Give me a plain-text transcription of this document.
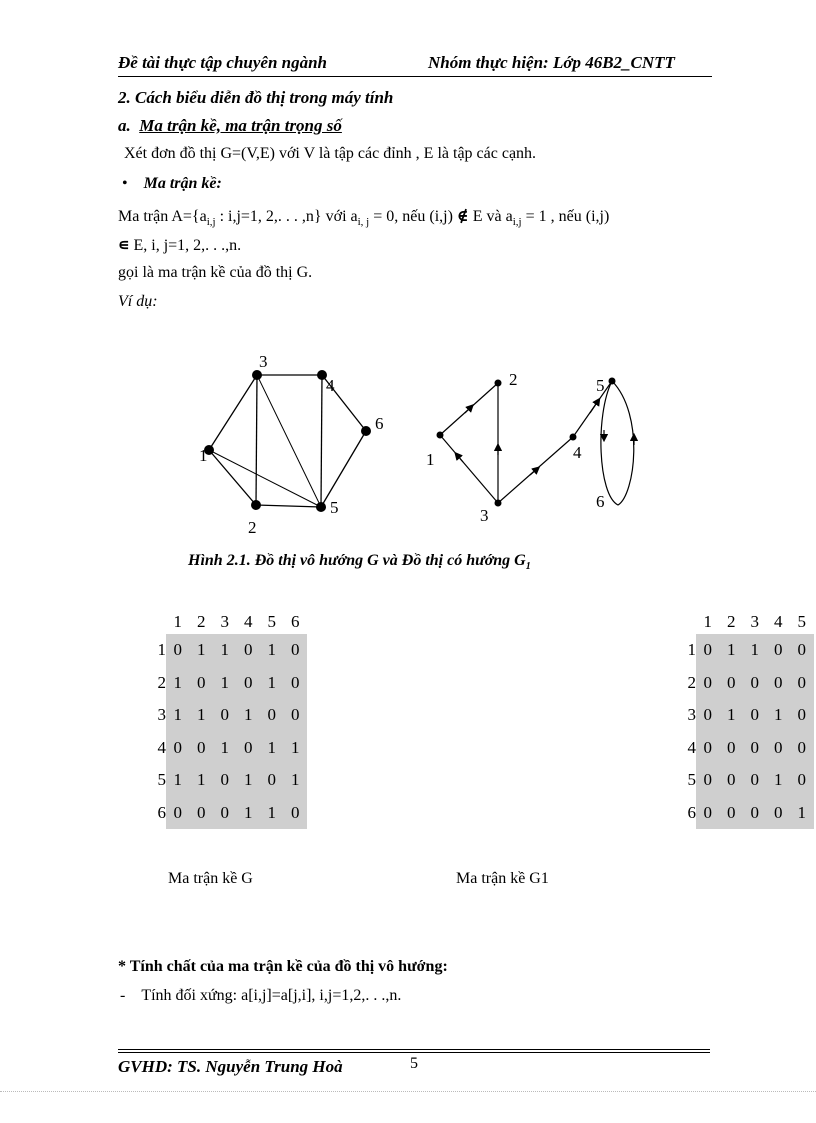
Đề tài thực tập chuyên ngành	Nhóm thực hiện: Lớp 46B2_CNTT
2. Cách biểu diễn đồ thị trong máy tính
a. Ma trận kề, ma trận trọng số
Xét đơn đồ thị G=(V,E) với V là tập các đỉnh , E là tập các cạnh.
• Ma trận kề:
Ma trận $A=\{a_{i,j}$ : i,j=1, 2,. . . ,n} với $a_{i, j} = 0$, nếu (i,j) ∉ E và $a_{i,j} = 1$ , nếu (i,j)
∊ E, i, j=1, 2,. . .,n.
gọi là ma trận kề của đồ thị G.
Ví dụ:
1
3
4
6
2
5
1
2
3
4
5
6
Hình 2.1. Đồ thị vô hướng G và Đồ thị có hướng $G_1$
1 2 3 4 5 6
1 0 1 1 0 1 0
2 1 0 1 0 1 0
3 1 1 0 1 0 0
4 0 0 1 0 1 1
5 1 1 0 1 0 1
6 0 0 0 1 1 0
1 2 3 4 5
1 0 1 1 0 0
2 0 0 0 0 0
3 0 1 0 1 0
4 0 0 0 0 0
5 0 0 0 1 0
6 0 0 0 0 1
Ma trận kề G	Ma trận kề G1
* Tính chất của ma trận kề của đồ thị vô hướng:
- Tính đối xứng: a[i,j]=a[j,i], i,j=1,2,. . .,n.
GVHD: TS. Nguyễn Trung Hoà	5
